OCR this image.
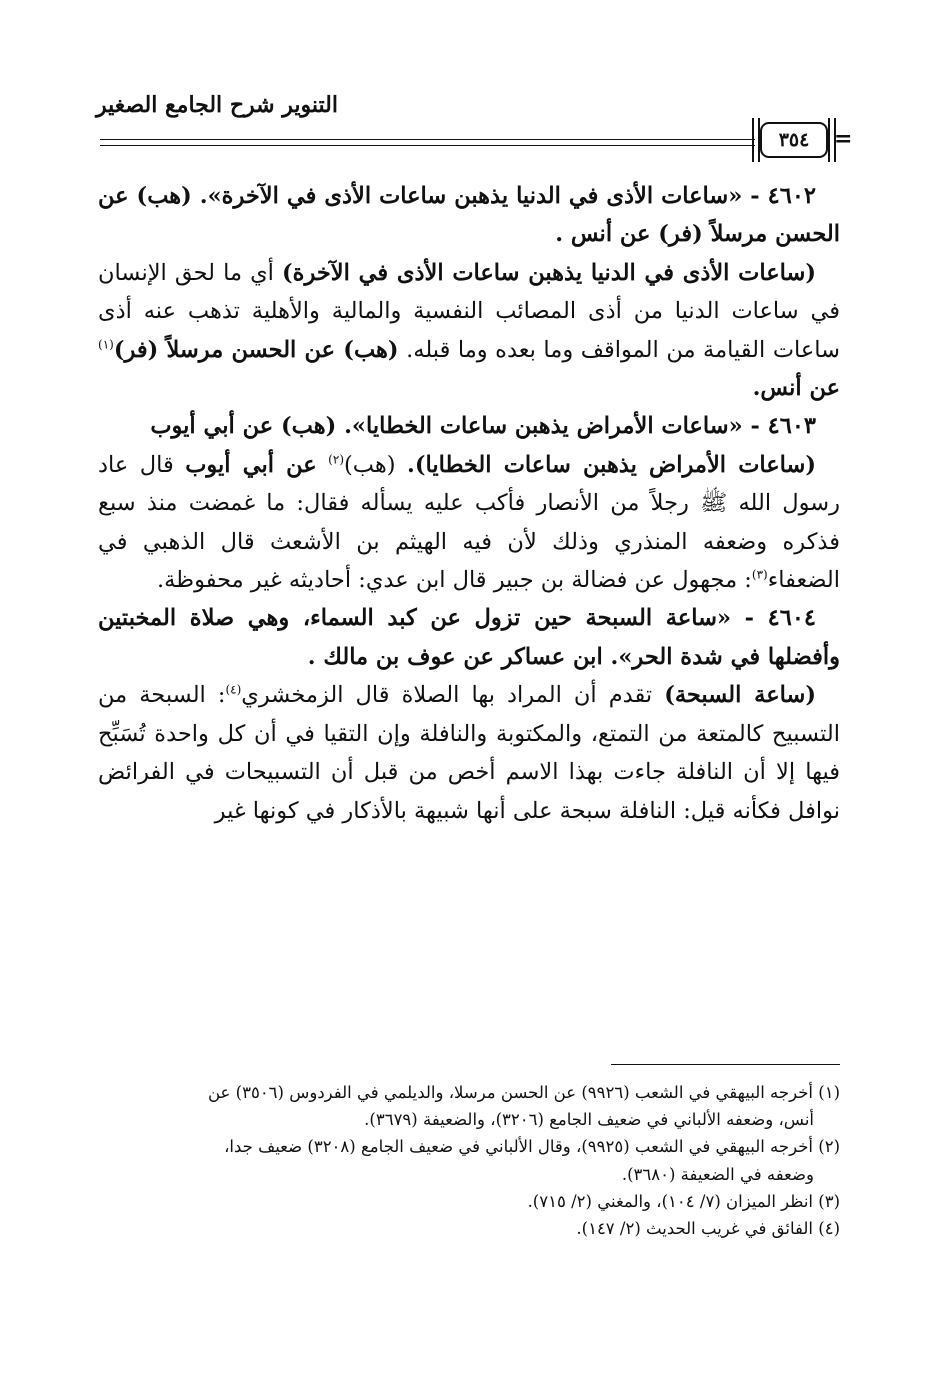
التنوير شرح الجامع الصغير
٣٥٤	=

٤٦٠٢ - «ساعات الأذى في الدنيا يذهبن ساعات الأذى في الآخرة». (هب) عن الحسن مرسلاً (فر) عن أنس .

(ساعات الأذى في الدنيا يذهبن ساعات الأذى في الآخرة) أي ما لحق الإنسان في ساعات الدنيا من أذى المصائب النفسية والمالية والأهلية تذهب عنه أذى ساعات القيامة من المواقف وما بعده وما قبله. (هب) عن الحسن مرسلاً (فر)$^{(١)}$ عن أنس.

٤٦٠٣ - «ساعات الأمراض يذهبن ساعات الخطايا». (هب) عن أبي أيوب

(ساعات الأمراض يذهبن ساعات الخطايا). (هب)$^{(٢)}$ عن أبي أيوب قال عاد رسول الله ﷺ رجلاً من الأنصار فأكب عليه يسأله فقال: ما غمضت منذ سبع فذكره وضعفه المنذري وذلك لأن فيه الهيثم بن الأشعث قال الذهبي في الضعفاء$^{(٣)}$: مجهول عن فضالة بن جبير قال ابن عدي: أحاديثه غير محفوظة.

٤٦٠٤ - «ساعة السبحة حين تزول عن كبد السماء، وهي صلاة المخبتين وأفضلها في شدة الحر». ابن عساكر عن عوف بن مالك .

(ساعة السبحة) تقدم أن المراد بها الصلاة قال الزمخشري$^{(٤)}$: السبحة من التسبيح كالمتعة من التمتع، والمكتوبة والنافلة وإن التقيا في أن كل واحدة تُسَبِّح فيها إلا أن النافلة جاءت بهذا الاسم أخص من قبل أن التسبيحات في الفرائض نوافل فكأنه قيل: النافلة سبحة على أنها شبيهة بالأذكار في كونها غير

(١) أخرجه البيهقي في الشعب (٩٩٢٦) عن الحسن مرسلا، والديلمي في الفردوس (٣٥٠٦) عن

أنس، وضعفه الألباني في ضعيف الجامع (٣٢٠٦)، والضعيفة (٣٦٧٩).

(٢) أخرجه البيهقي في الشعب (٩٩٢٥)، وقال الألباني في ضعيف الجامع (٣٢٠٨) ضعيف جدا،

وضعفه في الضعيفة (٣٦٨٠).

(٣) انظر الميزان (٧/ ١٠٤)، والمغني (٢/ ٧١٥).

(٤) الفائق في غريب الحديث (٢/ ١٤٧).
